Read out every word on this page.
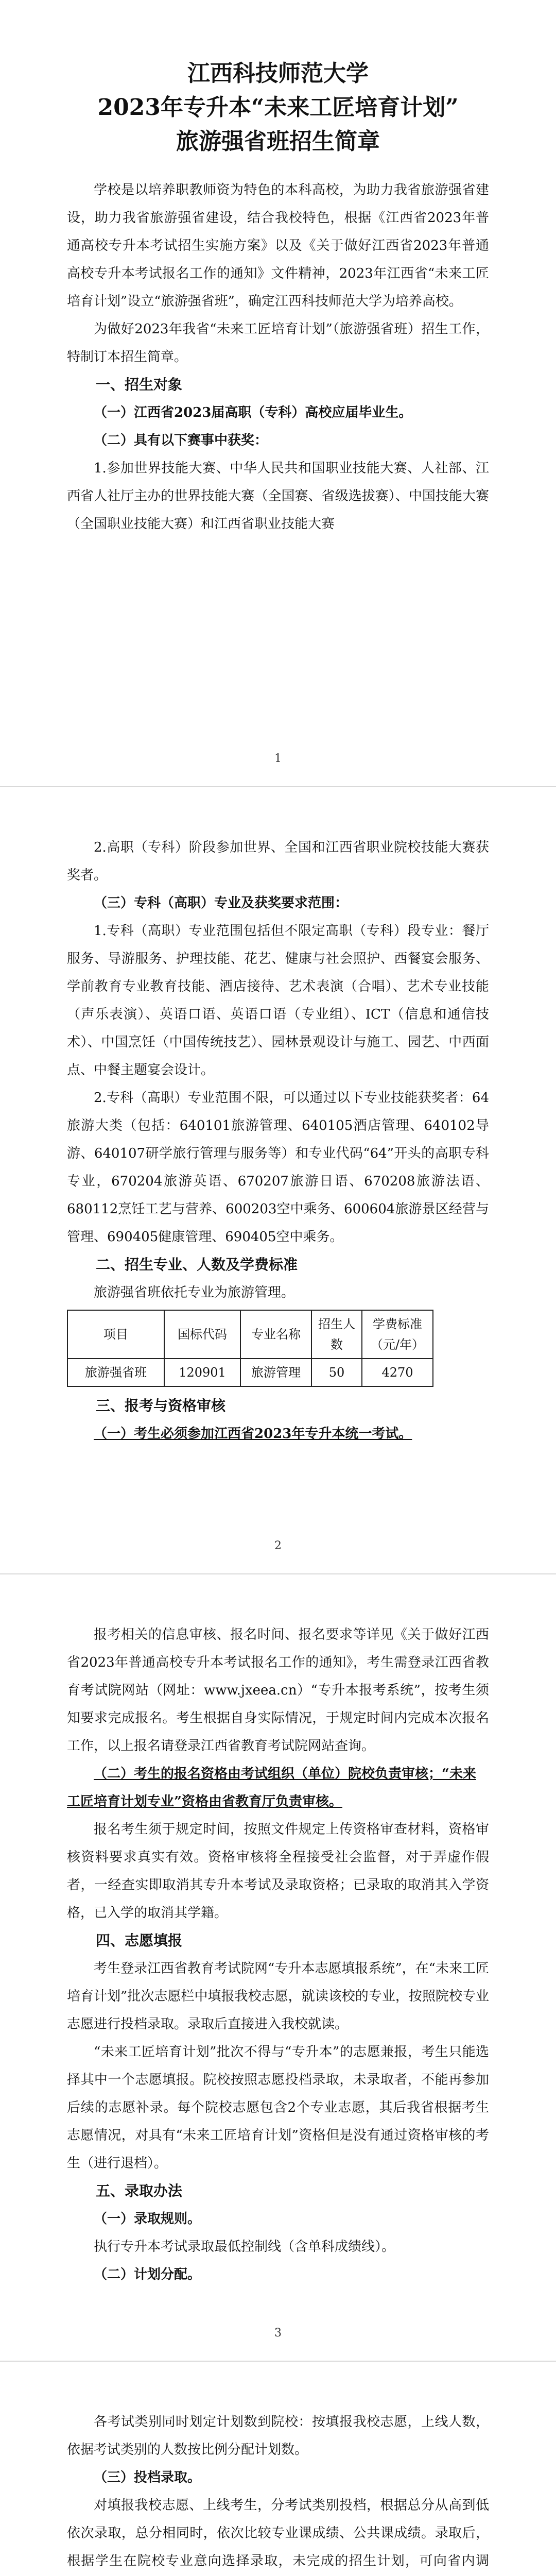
江西科技师范大学

2023年专升本“未来工匠培育计划”

旅游强省班招生简章

学校是以培养职教师资为特色的本科高校，为助力我省旅游强省建设，助力我省旅游强省建设，结合我校特色，根据《江西省2023年普通高校专升本考试招生实施方案》以及《关于做好江西省2023年普通高校专升本考试报名工作的通知》文件精神，2023年江西省“未来工匠培育计划”设立“旅游强省班”，确定江西科技师范大学为培养高校。

为做好2023年我省“未来工匠培育计划”（旅游强省班）招生工作，特制订本招生简章。

一、招生对象

（一）江西省2023届高职（专科）高校应届毕业生。

（二）具有以下赛事中获奖：

1.参加世界技能大赛、中华人民共和国职业技能大赛、人社部、江西省人社厅主办的世界技能大赛（全国赛、省级选拔赛）、中国技能大赛（全国职业技能大赛）和江西省职业技能大赛

1

2.高职（专科）阶段参加世界、全国和江西省职业院校技能大赛获奖者。

（三）专科（高职）专业及获奖要求范围：

1.专科（高职）专业范围包括但不限定高职（专科）段专业：餐厅服务、导游服务、护理技能、花艺、健康与社会照护、西餐宴会服务、学前教育专业教育技能、酒店接待、艺术表演（合唱）、艺术专业技能（声乐表演）、英语口语、英语口语（专业组）、ICT（信息和通信技术）、中国烹饪（中国传统技艺）、园林景观设计与施工、园艺、中西面点、中餐主题宴会设计。

2.专科（高职）专业范围不限，可以通过以下专业技能获奖者：64旅游大类（包括：640101旅游管理、640105酒店管理、640102导游、640107研学旅行管理与服务等）和专业代码“64”开头的高职专科专业，670204旅游英语、670207旅游日语、670208旅游法语、680112烹饪工艺与营养、600203空中乘务、600604旅游景区经营与管理、690405健康管理、690405空中乘务。

二、招生专业、人数及学费标准

旅游强省班依托专业为旅游管理。

项目	国标代码	专业名称	招生人数	学费标准（元/年）
旅游强省班	120901	旅游管理	50	4270

三、报考与资格审核

（一）考生必须参加江西省2023年专升本统一考试。

2

报考相关的信息审核、报名时间、报名要求等详见《关于做好江西省2023年普通高校专升本考试报名工作的通知》，考生需登录江西省教育考试院网站（网址：www.jxeea.cn）“专升本报考系统”，按考生须知要求完成报名。考生根据自身实际情况，于规定时间内完成本次报名工作，以上报名请登录江西省教育考试院网站查询。

（二）考生的报名资格由考试组织（单位）院校负责审核；“未来工匠培育计划专业”资格由省教育厅负责审核。

报名考生须于规定时间，按照文件规定上传资格审查材料，资格审核资料要求真实有效。资格审核将全程接受社会监督，对于弄虚作假者，一经查实即取消其专升本考试及录取资格；已录取的取消其入学资格，已入学的取消其学籍。

四、志愿填报

考生登录江西省教育考试院网“专升本志愿填报系统”，在“未来工匠培育计划”批次志愿栏中填报我校志愿，就读该校的专业，按照院校专业志愿进行投档录取。录取后直接进入我校就读。

“未来工匠培育计划”批次不得与“专升本”的志愿兼报，考生只能选择其中一个志愿填报。院校按照志愿投档录取，未录取者，不能再参加后续的志愿补录。每个院校志愿包含2个专业志愿，其后我省根据考生志愿情况，对具有“未来工匠培育计划”资格但是没有通过资格审核的考生（进行退档）。

五、录取办法

（一）录取规则。

执行专升本考试录取最低控制线（含单科成绩线）。

（二）计划分配。

3

各考试类别同时划定计划数到院校：按填报我校志愿，上线人数，依据考试类别的人数按比例分配计划数。

（三）投档录取。

对填报我校志愿、上线考生，分考试类别投档，根据总分从高到低依次录取，总分相同时，依次比较专业课成绩、公共课成绩。录取后，根据学生在院校专业意向选择录取，未完成的招生计划，可向省内调
